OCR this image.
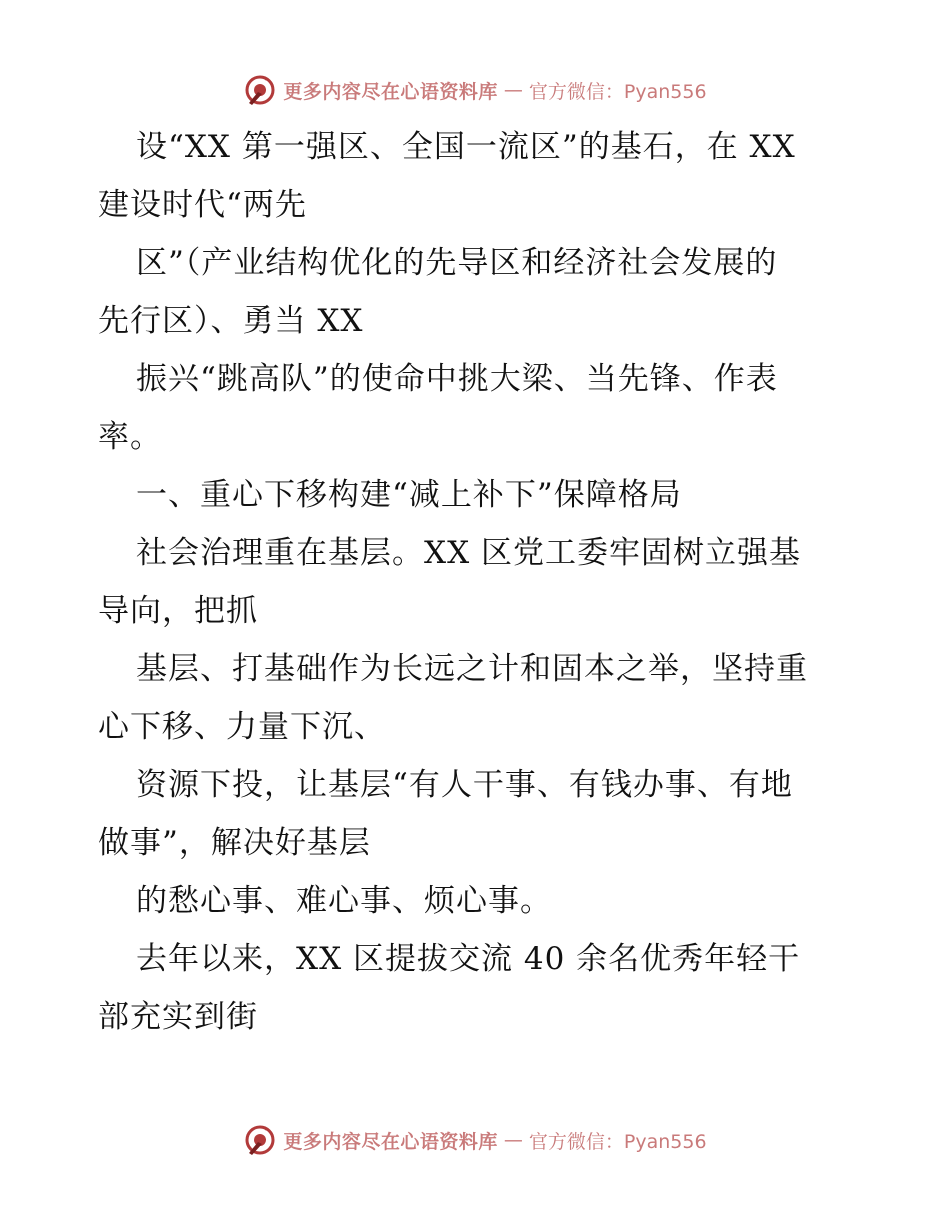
更多内容尽在心语资料库 — 官方微信：Pyan556
设“XX 第一强区、全国一流区”的基石，在 XX
建设时代“两先
区”（产业结构优化的先导区和经济社会发展的
先行区）、勇当 XX
振兴“跳高队”的使命中挑大梁、当先锋、作表
率。
一、重心下移构建“减上补下”保障格局
社会治理重在基层。XX 区党工委牢固树立强基
导向，把抓
基层、打基础作为长远之计和固本之举，坚持重
心下移、力量下沉、
资源下投，让基层“有人干事、有钱办事、有地
做事”，解决好基层
的愁心事、难心事、烦心事。
去年以来，XX 区提拔交流 40 余名优秀年轻干
部充实到街
更多内容尽在心语资料库 — 官方微信：Pyan556
